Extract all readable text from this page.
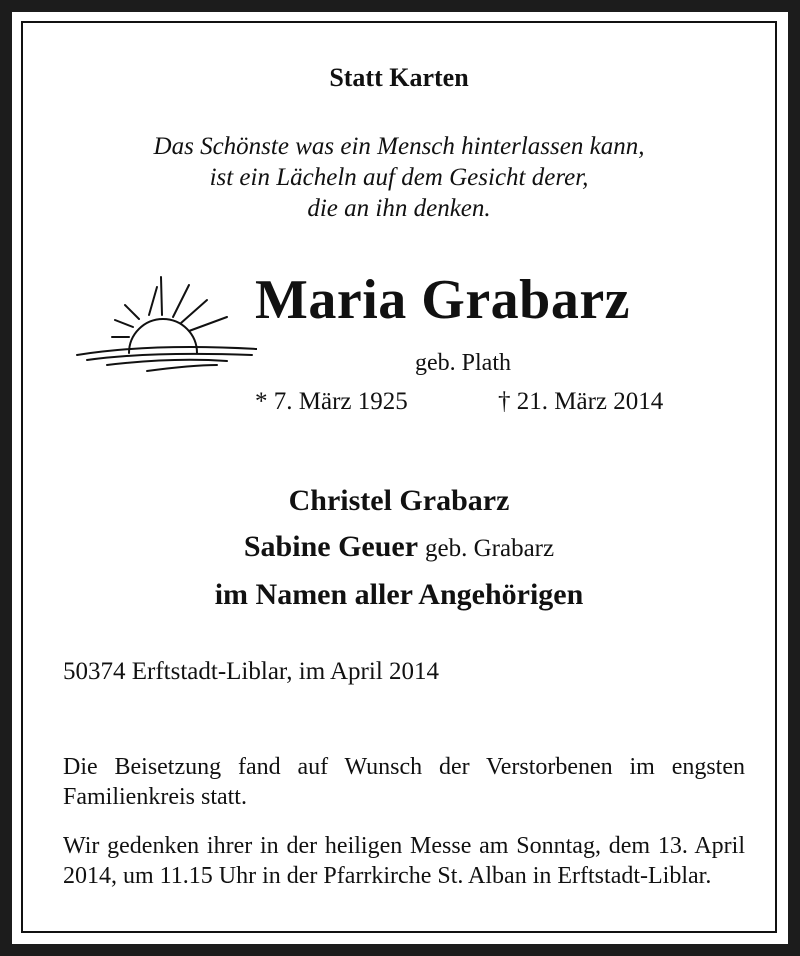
Statt Karten
Das Schönste was ein Mensch hinterlassen kann,
ist ein Lächeln auf dem Gesicht derer,
die an ihn denken.
Maria Grabarz
geb. Plath
* 7. März 1925	† 21. März 2014
Christel Grabarz
Sabine Geuer geb. Grabarz
im Namen aller Angehörigen
50374 Erftstadt-Liblar, im April 2014
Die Beisetzung fand auf Wunsch der Verstorbenen im engsten Familienkreis statt.
Wir gedenken ihrer in der heiligen Messe am Sonntag, dem 13. April 2014, um 11.15 Uhr in der Pfarrkirche St. Alban in Erftstadt-Liblar.
